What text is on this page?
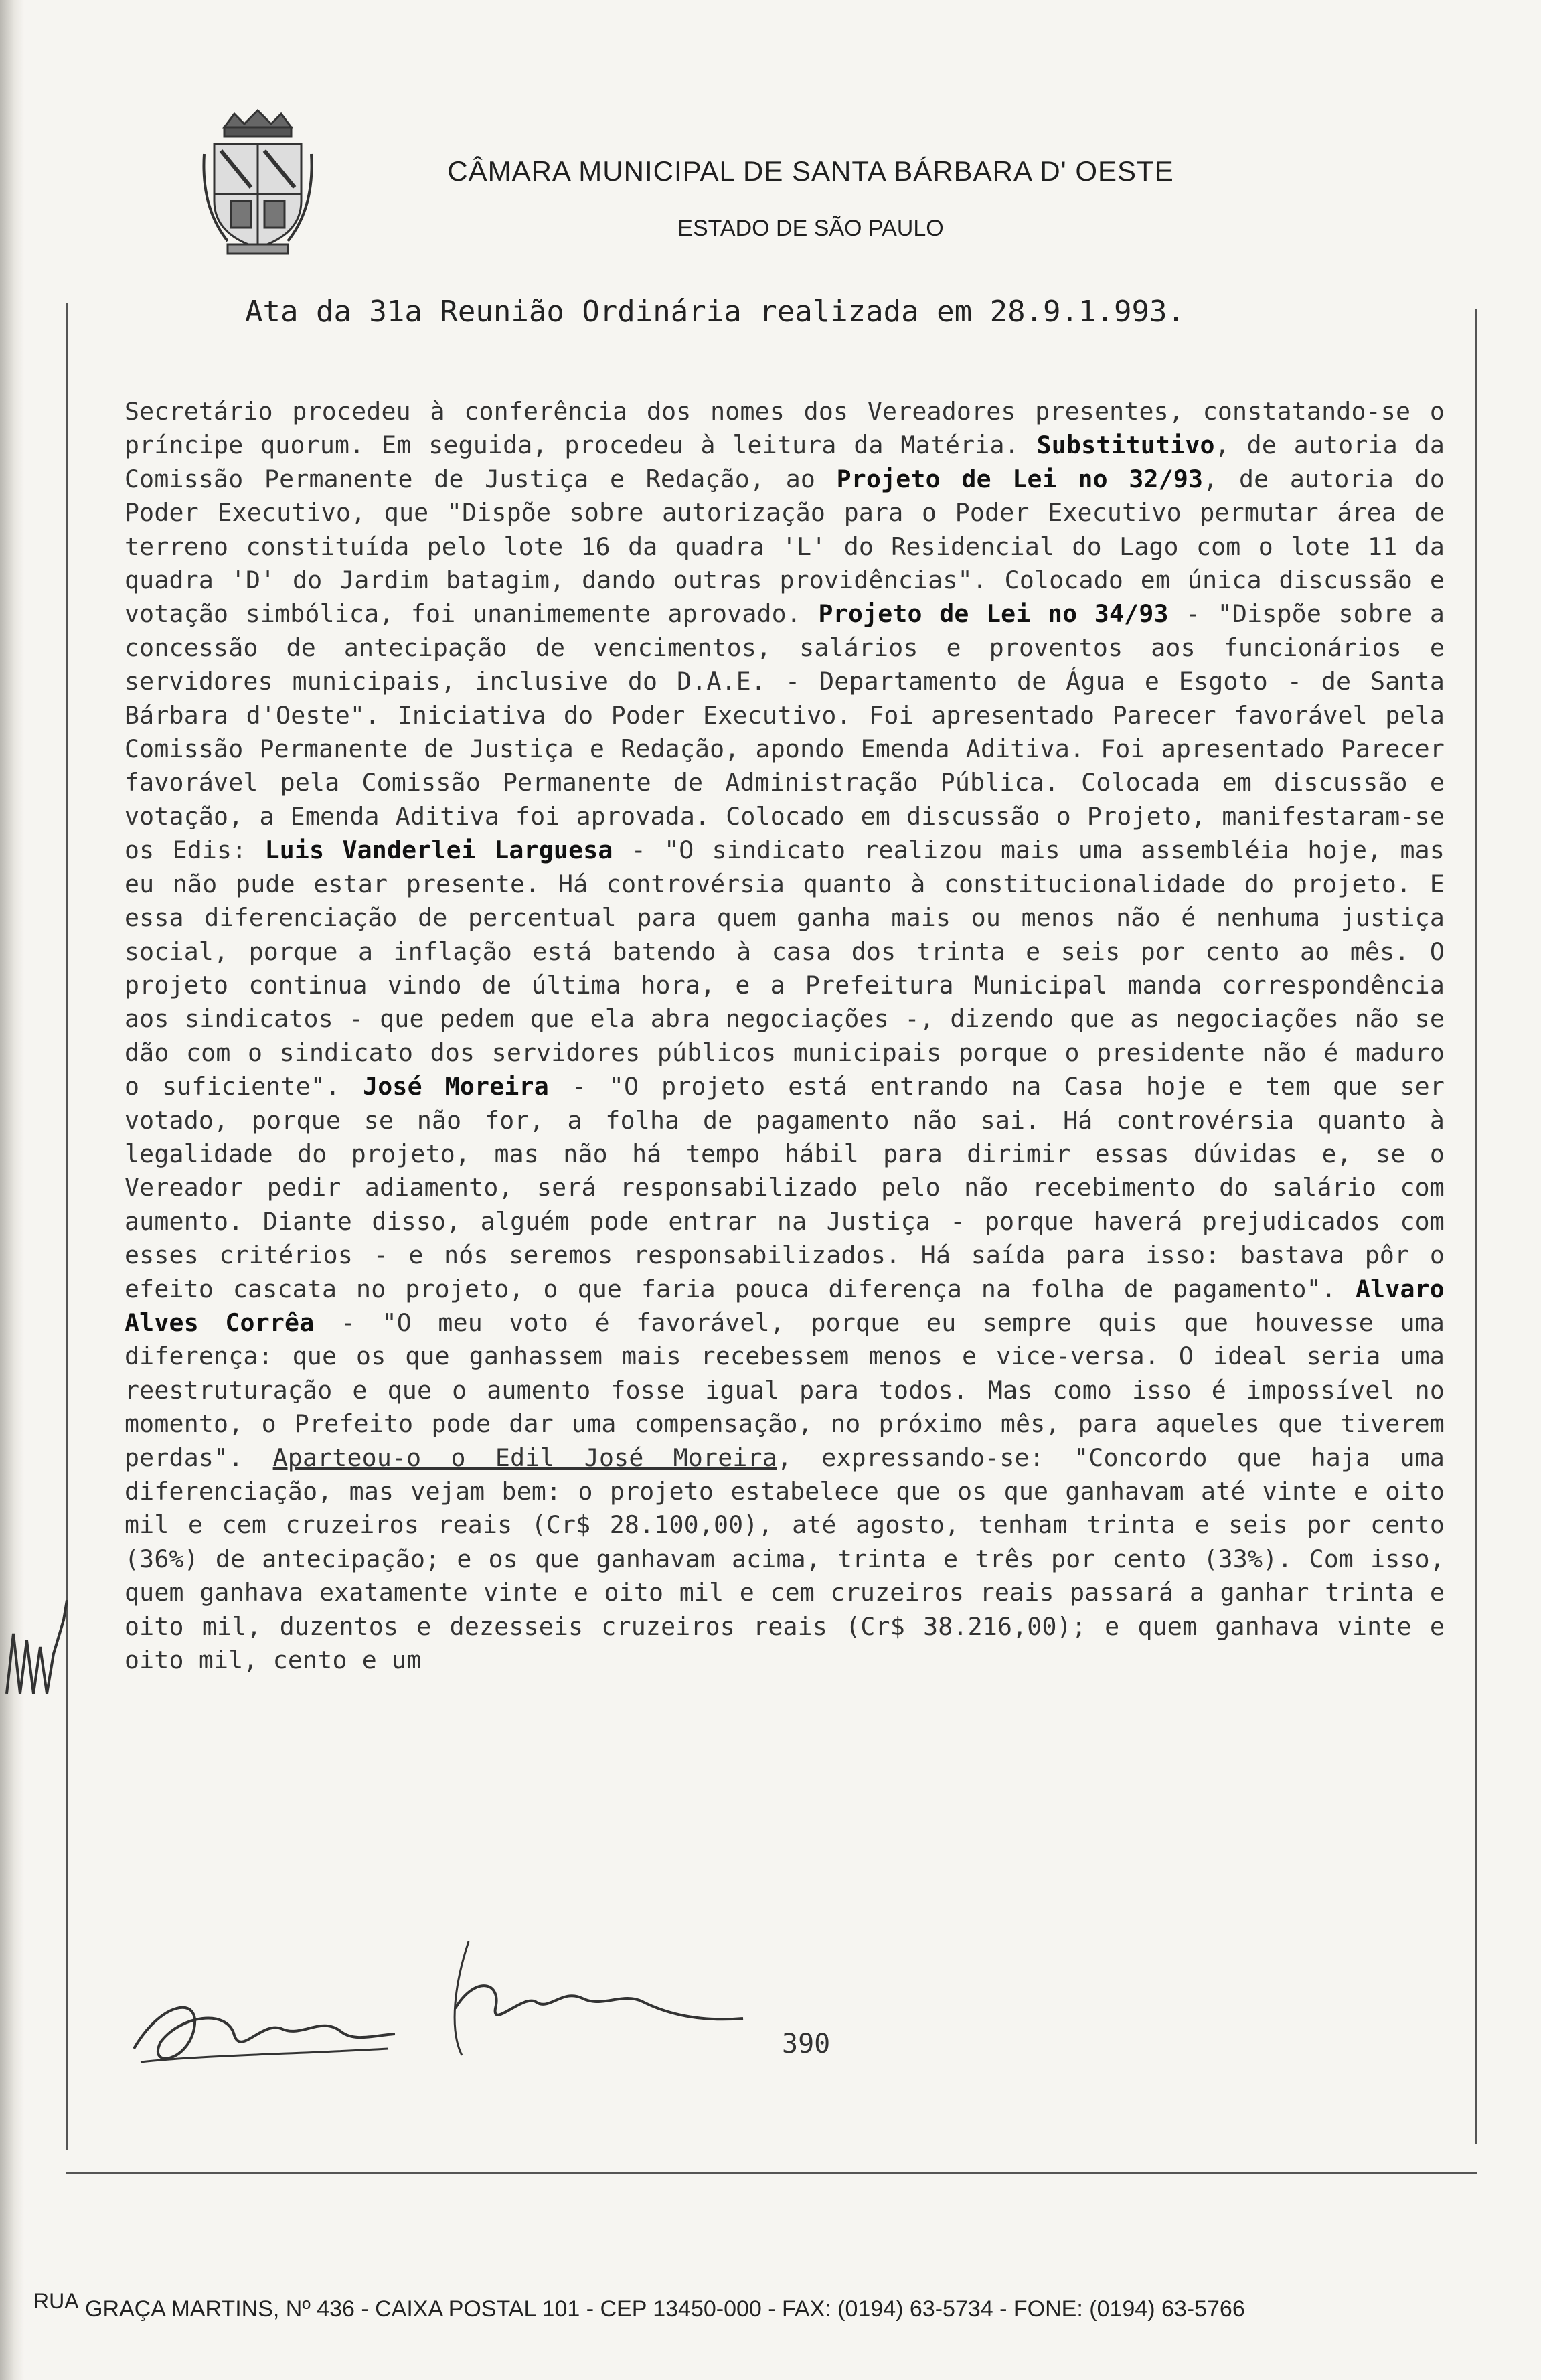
CÂMARA MUNICIPAL DE SANTA BÁRBARA D' OESTE
ESTADO DE SÃO PAULO
Ata da 31a Reunião Ordinária realizada em 28.9.1.993.
Secretário procedeu à conferência dos nomes dos Vereadores presentes, constatando-se o príncipe quorum. Em seguida, procedeu à leitura da Matéria. Substitutivo, de autoria da Comissão Permanente de Justiça e Redação, ao Projeto de Lei no 32/93, de autoria do Poder Executivo, que "Dispõe sobre autorização para o Poder Executivo permutar área de terreno constituída pelo lote 16 da quadra 'L' do Residencial do Lago com o lote 11 da quadra 'D' do Jardim batagim, dando outras providências". Colocado em única discussão e votação simbólica, foi unanimemente aprovado. Projeto de Lei no 34/93 - "Dispõe sobre a concessão de antecipação de vencimentos, salários e proventos aos funcionários e servidores municipais, inclusive do D.A.E. - Departamento de Água e Esgoto - de Santa Bárbara d'Oeste". Iniciativa do Poder Executivo. Foi apresentado Parecer favorável pela Comissão Permanente de Justiça e Redação, apondo Emenda Aditiva. Foi apresentado Parecer favorável pela Comissão Permanente de Administração Pública. Colocada em discussão e votação, a Emenda Aditiva foi aprovada. Colocado em discussão o Projeto, manifestaram-se os Edis: Luis Vanderlei Larguesa - "O sindicato realizou mais uma assembléia hoje, mas eu não pude estar presente. Há controvérsia quanto à constitucionalidade do projeto. E essa diferenciação de percentual para quem ganha mais ou menos não é nenhuma justiça social, porque a inflação está batendo à casa dos trinta e seis por cento ao mês. O projeto continua vindo de última hora, e a Prefeitura Municipal manda correspondência aos sindicatos - que pedem que ela abra negociações -, dizendo que as negociações não se dão com o sindicato dos servidores públicos municipais porque o presidente não é maduro o suficiente". José Moreira - "O projeto está entrando na Casa hoje e tem que ser votado, porque se não for, a folha de pagamento não sai. Há controvérsia quanto à legalidade do projeto, mas não há tempo hábil para dirimir essas dúvidas e, se o Vereador pedir adiamento, será responsabilizado pelo não recebimento do salário com aumento. Diante disso, alguém pode entrar na Justiça - porque haverá prejudicados com esses critérios - e nós seremos responsabilizados. Há saída para isso: bastava pôr o efeito cascata no projeto, o que faria pouca diferença na folha de pagamento". Alvaro Alves Corrêa - "O meu voto é favorável, porque eu sempre quis que houvesse uma diferença: que os que ganhassem mais recebessem menos e vice-versa. O ideal seria uma reestruturação e que o aumento fosse igual para todos. Mas como isso é impossível no momento, o Prefeito pode dar uma compensação, no próximo mês, para aqueles que tiverem perdas". Aparteou-o o Edil José Moreira, expressando-se: "Concordo que haja uma diferenciação, mas vejam bem: o projeto estabelece que os que ganhavam até vinte e oito mil e cem cruzeiros reais (Cr$ 28.100,00), até agosto, tenham trinta e seis por cento (36%) de antecipação; e os que ganhavam acima, trinta e três por cento (33%). Com isso, quem ganhava exatamente vinte e oito mil e cem cruzeiros reais passará a ganhar trinta e oito mil, duzentos e dezesseis cruzeiros reais (Cr$ 38.216,00); e quem ganhava vinte e oito mil, cento e um
390
RUA GRAÇA MARTINS, Nº 436 - CAIXA POSTAL 101 - CEP 13450-000 - FAX: (0194) 63-5734 - FONE: (0194) 63-5766
